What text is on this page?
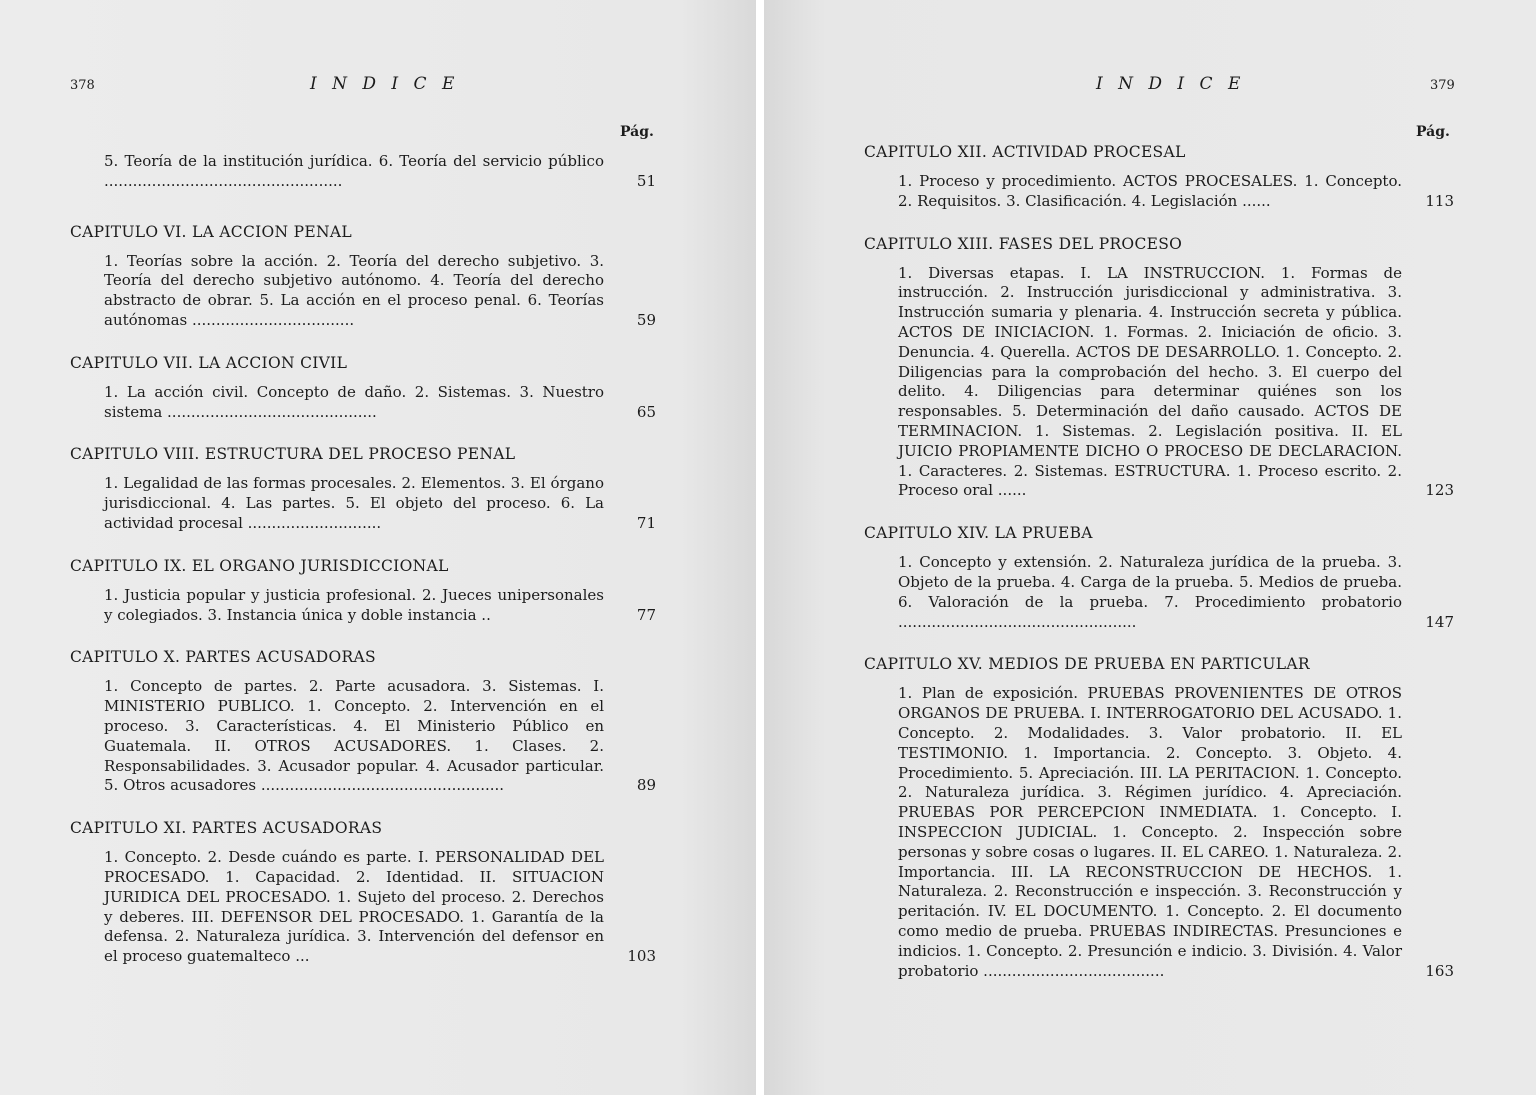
378	I N D I C E
Pág.
5. Teoría de la institución jurídica. 6. Teoría del servicio público ..................................................	51
CAPITULO VI. LA ACCION PENAL
1. Teorías sobre la acción. 2. Teoría del derecho subjetivo. 3. Teoría del derecho subjetivo autónomo. 4. Teoría del derecho abstracto de obrar. 5. La acción en el proceso penal. 6. Teorías autónomas ..................................	59
CAPITULO VII. LA ACCION CIVIL
1. La acción civil. Concepto de daño. 2. Sistemas. 3. Nuestro sistema ............................................	65
CAPITULO VIII. ESTRUCTURA DEL PROCESO PENAL
1. Legalidad de las formas procesales. 2. Elementos. 3. El órgano jurisdiccional. 4. Las partes. 5. El objeto del proceso. 6. La actividad procesal ............................	71
CAPITULO IX. EL ORGANO JURISDICCIONAL
1. Justicia popular y justicia profesional. 2. Jueces unipersonales y colegiados. 3. Instancia única y doble instancia ..	77
CAPITULO X. PARTES ACUSADORAS
1. Concepto de partes. 2. Parte acusadora. 3. Sistemas. I. MINISTERIO PUBLICO. 1. Concepto. 2. Intervención en el proceso. 3. Características. 4. El Ministerio Público en Guatemala. II. OTROS ACUSADORES. 1. Clases. 2. Responsabilidades. 3. Acusador popular. 4. Acusador particular. 5. Otros acusadores ...................................................	89
CAPITULO XI. PARTES ACUSADORAS
1. Concepto. 2. Desde cuándo es parte. I. PERSONALIDAD DEL PROCESADO. 1. Capacidad. 2. Identidad. II. SITUACION JURIDICA DEL PROCESADO. 1. Sujeto del proceso. 2. Derechos y deberes. III. DEFENSOR DEL PROCESADO. 1. Garantía de la defensa. 2. Naturaleza jurídica. 3. Intervención del defensor en el proceso guatemalteco ...	103
I N D I C E	379
Pág.
CAPITULO XII. ACTIVIDAD PROCESAL
1. Proceso y procedimiento. ACTOS PROCESALES. 1. Concepto. 2. Requisitos. 3. Clasificación. 4. Legislación ......	113
CAPITULO XIII. FASES DEL PROCESO
1. Diversas etapas. I. LA INSTRUCCION. 1. Formas de instrucción. 2. Instrucción jurisdiccional y administrativa. 3. Instrucción sumaria y plenaria. 4. Instrucción secreta y pública. ACTOS DE INICIACION. 1. Formas. 2. Iniciación de oficio. 3. Denuncia. 4. Querella. ACTOS DE DESARROLLO. 1. Concepto. 2. Diligencias para la comprobación del hecho. 3. El cuerpo del delito. 4. Diligencias para determinar quiénes son los responsables. 5. Determinación del daño causado. ACTOS DE TERMINACION. 1. Sistemas. 2. Legislación positiva. II. EL JUICIO PROPIAMENTE DICHO O PROCESO DE DECLARACION. 1. Caracteres. 2. Sistemas. ESTRUCTURA. 1. Proceso escrito. 2. Proceso oral ......	123
CAPITULO XIV. LA PRUEBA
1. Concepto y extensión. 2. Naturaleza jurídica de la prueba. 3. Objeto de la prueba. 4. Carga de la prueba. 5. Medios de prueba. 6. Valoración de la prueba. 7. Procedimiento probatorio ..................................................	147
CAPITULO XV. MEDIOS DE PRUEBA EN PARTICULAR
1. Plan de exposición. PRUEBAS PROVENIENTES DE OTROS ORGANOS DE PRUEBA. I. INTERROGATORIO DEL ACUSADO. 1. Concepto. 2. Modalidades. 3. Valor probatorio. II. EL TESTIMONIO. 1. Importancia. 2. Concepto. 3. Objeto. 4. Procedimiento. 5. Apreciación. III. LA PERITACION. 1. Concepto. 2. Naturaleza jurídica. 3. Régimen jurídico. 4. Apreciación. PRUEBAS POR PERCEPCION INMEDIATA. 1. Concepto. I. INSPECCION JUDICIAL. 1. Concepto. 2. Inspección sobre personas y sobre cosas o lugares. II. EL CAREO. 1. Naturaleza. 2. Importancia. III. LA RECONSTRUCCION DE HECHOS. 1. Naturaleza. 2. Reconstrucción e inspección. 3. Reconstrucción y peritación. IV. EL DOCUMENTO. 1. Concepto. 2. El documento como medio de prueba. PRUEBAS INDIRECTAS. Presunciones e indicios. 1. Concepto. 2. Presunción e indicio. 3. División. 4. Valor probatorio ......................................	163
